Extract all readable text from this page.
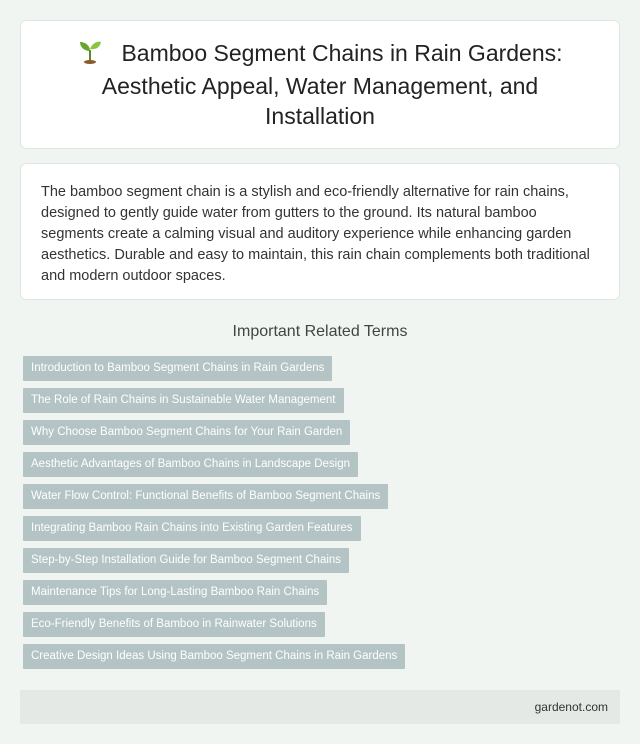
Bamboo Segment Chains in Rain Gardens: Aesthetic Appeal, Water Management, and Installation

The bamboo segment chain is a stylish and eco-friendly alternative for rain chains, designed to gently guide water from gutters to the ground. Its natural bamboo segments create a calming visual and auditory experience while enhancing garden aesthetics. Durable and easy to maintain, this rain chain complements both traditional and modern outdoor spaces.

Important Related Terms
Introduction to Bamboo Segment Chains in Rain Gardens
The Role of Rain Chains in Sustainable Water Management
Why Choose Bamboo Segment Chains for Your Rain Garden
Aesthetic Advantages of Bamboo Chains in Landscape Design
Water Flow Control: Functional Benefits of Bamboo Segment Chains
Integrating Bamboo Rain Chains into Existing Garden Features
Step-by-Step Installation Guide for Bamboo Segment Chains
Maintenance Tips for Long-Lasting Bamboo Rain Chains
Eco-Friendly Benefits of Bamboo in Rainwater Solutions
Creative Design Ideas Using Bamboo Segment Chains in Rain Gardens
gardenot.com
